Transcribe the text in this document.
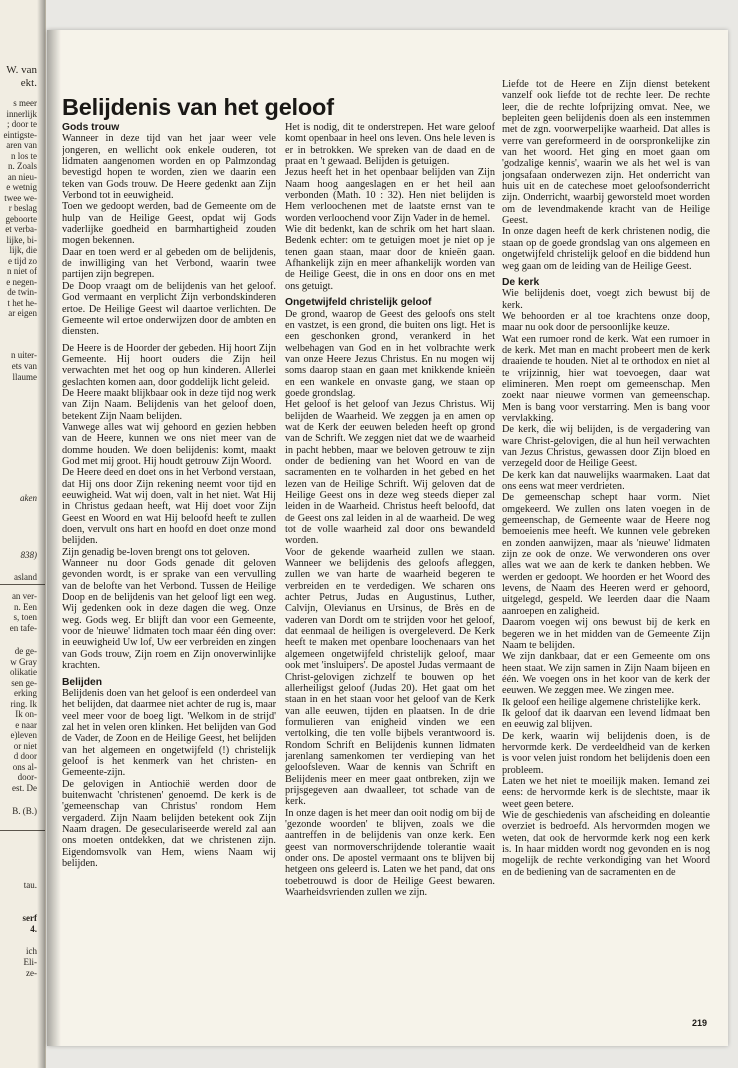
W. van
ekt.
s meer
innerlijk
; door te
eintigste-
aren van
n los te
n. Zoals
an nieu-
e wetnig
twee we-
r beslag
geboorte
et verba-
lijke, bi-
lijk, die
e tijd zo
n niet of
e negen-
de twin-
t het he-
ar eigen
n uiter-
ets van
llaume
aken
838)
asland
an ver-
n. Een
s, toen
en tafe-
de ge-
w Gray
olikatie
sen ge-
erking
ring. Ik
Ik on-
e naar
e)leven
or niet
d door
ons al-
door-
est. De
B. (B.)
tau.
serf
4.
ich
Eli-
ze-
Belijdenis van het geloof
Gods trouw

Wanneer in deze tijd van het jaar weer vele jongeren, en wellicht ook enkele ouderen, tot lidmaten aangenomen worden en op Palmzondag bevestigd hopen te worden, zien we daarin een teken van Gods trouw. De Heere gedenkt aan Zijn Verbond tot in eeuwigheid.

Toen we gedoopt werden, bad de Gemeente om de hulp van de Heilige Geest, opdat wij Gods vaderlijke goedheid en barmhartigheid zouden mogen bekennen.

Daar en toen werd er al gebeden om de belijdenis, de inwilliging van het Verbond, waarin twee partijen zijn begrepen.

De Doop vraagt om de belijdenis van het geloof. God vermaant en verplicht Zijn verbondskinderen ertoe. De Heilige Geest wil daartoe verlichten. De Gemeente wil ertoe onderwijzen door de ambten en diensten.

De Heere is de Hoorder der gebeden. Hij hoort Zijn Gemeente. Hij hoort ouders die Zijn heil verwachten met het oog op hun kinderen. Allerlei geslachten komen aan, door goddelijk licht geleid.

De Heere maakt blijkbaar ook in deze tijd nog werk van Zijn Naam. Belijdenis van het geloof doen, betekent Zijn Naam belijden.

Vanwege alles wat wij gehoord en gezien hebben van de Heere, kunnen we ons niet meer van de domme houden. We doen belijdenis: komt, maakt God met mij groot. Hij houdt getrouw Zijn Woord.

De Heere deed en doet ons in het Verbond verstaan, dat Hij ons door Zijn rekening neemt voor tijd en eeuwigheid. Wat wij doen, valt in het niet. Wat Hij in Christus gedaan heeft, wat Hij doet voor Zijn Geest en Woord en wat Hij beloofd heeft te zullen doen, vervult ons hart en hoofd en doet onze mond belijden.

Zijn genadig be-loven brengt ons tot geloven.

Wanneer nu door Gods genade dit geloven gevonden wordt, is er sprake van een vervulling van de belofte van het Verbond. Tussen de Heilige Doop en de belijdenis van het geloof ligt een weg. Wij gedenken ook in deze dagen die weg. Onze weg. Gods weg. Er blijft dan voor een Gemeente, voor de 'nieuwe' lidmaten toch maar één ding over: in eeuwigheid Uw lof, Uw eer verbreiden en zingen van Gods trouw, Zijn roem en Zijn onoverwinlijke krachten.

Belijden

Belijdenis doen van het geloof is een onderdeel van het belijden, dat daarmee niet achter de rug is, maar veel meer voor de boeg ligt. 'Welkom in de strijd' zal het in velen oren klinken. Het belijden van God de Vader, de Zoon en de Heilige Geest, het belijden van het algemeen en ongetwijfeld (!) christelijk geloof is het kenmerk van het christen- en Gemeente-zijn.

De gelovigen in Antiochië werden door de buitenwacht 'christenen' genoemd. De kerk is de 'gemeenschap van Christus' rondom Hem vergaderd. Zijn Naam belijden betekent ook Zijn Naam dragen. De geseculariseerde wereld zal aan ons moeten ontdekken, dat we christenen zijn. Eigendomsvolk van Hem, wiens Naam wij belijden.

Het is nodig, dit te onderstrepen. Het ware geloof komt openbaar in heel ons leven. Ons hele leven is er in betrokken. We spreken van de daad en de praat en 't gewaad. Belijden is getuigen.

Jezus heeft het in het openbaar belijden van Zijn Naam hoog aangeslagen en er het heil aan verbonden (Math. 10 : 32). Hen niet belijden is Hem verloochenen met de laatste ernst van te worden verloochend voor Zijn Vader in de hemel.

Wie dit bedenkt, kan de schrik om het hart slaan. Bedenk echter: om te getuigen moet je niet op je tenen gaan staan, maar door de knieën gaan. Afhankelijk zijn en meer afhankelijk worden van de Heilige Geest, die in ons en door ons en met ons getuigt.

Ongetwijfeld christelijk geloof

De grond, waarop de Geest des geloofs ons stelt en vastzet, is een grond, die buiten ons ligt. Het is een geschonken grond, verankerd in het welbehagen van God en in het volbrachte werk van onze Heere Jezus Christus. En nu mogen wij soms daarop staan en gaan met knikkende knieën en een wankele en onvaste gang, we staan op goede grondslag.

Het geloof is het geloof van Jezus Christus. Wij belijden de Waarheid. We zeggen ja en amen op wat de Kerk der eeuwen beleden heeft op grond van de Schrift. We zeggen niet dat we de waarheid in pacht hebben, maar we beloven getrouw te zijn onder de bediening van het Woord en van de sacramenten en te volharden in het gebed en het lezen van de Heilige Schrift. Wij geloven dat de Heilige Geest ons in deze weg steeds dieper zal leiden in de Waarheid. Christus heeft beloofd, dat de Geest ons zal leiden in al de waarheid. De weg tot de volle waarheid zal door ons bewandeld worden.

Voor de gekende waarheid zullen we staan. Wanneer we belijdenis des geloofs afleggen, zullen we van harte de waarheid begeren te verbreiden en te verdedigen. We scharen ons achter Petrus, Judas en Augustinus, Luther, Calvijn, Olevianus en Ursinus, de Brès en de vaderen van Dordt om te strijden voor het geloof, dat eenmaal de heiligen is overgeleverd. De Kerk heeft te maken met openbare loochenaars van het algemeen ongetwijfeld christelijk geloof, maar ook met 'insluipers'. De apostel Judas vermaant de Christ-gelovigen zichzelf te bouwen op het allerheiligst geloof (Judas 20). Het gaat om het staan in en het staan voor het geloof van de Kerk van alle eeuwen, tijden en plaatsen. In de drie formulieren van enigheid vinden we een vertolking, die ten volle bijbels verantwoord is. Rondom Schrift en Belijdenis kunnen lidmaten jarenlang samenkomen ter verdieping van het geloofsleven. Waar de kennis van Schrift en Belijdenis meer en meer gaat ontbreken, zijn we prijsgegeven aan dwaalleer, tot schade van de kerk.

In onze dagen is het meer dan ooit nodig om bij de 'gezonde woorden' te blijven, zoals we die aantreffen in de belijdenis van onze kerk. Een geest van normoverschrijdende tolerantie waait onder ons. De apostel vermaant ons te blijven bij hetgeen ons geleerd is. Laten we het pand, dat ons toebetrouwd is door de Heilige Geest bewaren. Waarheidsvrienden zullen we zijn.

Liefde tot de Heere en Zijn dienst betekent vanzelf ook liefde tot de rechte leer. De rechte leer, die de rechte lofprijzing omvat. Nee, we bepleiten geen belijdenis doen als een instemmen met de zgn. voorwerpelijke waarheid. Dat alles is verre van gereformeerd in de oorspronkelijke zin van het woord. Het ging en moet gaan om 'godzalige kennis', waarin we als het wel is van jongsafaan onderwezen zijn. Het onderricht van huis uit en de catechese moet geloofsonderricht zijn. Onderricht, waarbij geworsteld moet worden om de levendmakende kracht van de Heilige Geest.

In onze dagen heeft de kerk christenen nodig, die staan op de goede grondslag van ons algemeen en ongetwijfeld christelijk geloof en die biddend hun weg gaan om de leiding van de Heilige Geest.

De kerk

Wie belijdenis doet, voegt zich bewust bij de kerk.

We behoorden er al toe krachtens onze doop, maar nu ook door de persoonlijke keuze.

Wat een rumoer rond de kerk. Wat een rumoer in de kerk. Met man en macht probeert men de kerk draaiende te houden. Niet al te orthodox en niet al te vrijzinnig, hier wat toevoegen, daar wat elimineren. Men roept om gemeenschap. Men zoekt naar nieuwe vormen van gemeenschap. Men is bang voor verstarring. Men is bang voor vervlakking.

De kerk, die wij belijden, is de vergadering van ware Christ-gelovigen, die al hun heil verwachten van Jezus Christus, gewassen door Zijn bloed en verzegeld door de Heilige Geest.

De kerk kan dat nauwelijks waarmaken. Laat dat ons eens wat meer verdrieten.

De gemeenschap schept haar vorm. Niet omgekeerd. We zullen ons laten voegen in de gemeenschap, de Gemeente waar de Heere nog bemoeienis mee heeft. We kunnen vele gebreken en zonden aanwijzen, maar als 'nieuwe' lidmaten zijn ze ook de onze. We verwonderen ons over alles wat we aan de kerk te danken hebben. We werden er gedoopt. We hoorden er het Woord des levens, de Naam des Heeren werd er gehoord, uitgelegd, gespeld. We leerden daar die Naam aanroepen en zaligheid.

Daarom voegen wij ons bewust bij de kerk en begeren we in het midden van de Gemeente Zijn Naam te belijden.

We zijn dankbaar, dat er een Gemeente om ons heen staat. We zijn samen in Zijn Naam bijeen en één. We voegen ons in het koor van de kerk der eeuwen. We zeggen mee. We zingen mee.

Ik geloof een heilige algemene christelijke kerk.

Ik geloof dat ik daarvan een levend lidmaat ben en eeuwig zal blijven.

De kerk, waarin wij belijdenis doen, is de hervormde kerk. De verdeeldheid van de kerken is voor velen juist rondom het belijdenis doen een probleem.

Laten we het niet te moeilijk maken. Iemand zei eens: de hervormde kerk is de slechtste, maar ik weet geen betere.

Wie de geschiedenis van afscheiding en doleantie overziet is bedroefd. Als hervormden mogen we weten, dat ook de hervormde kerk nog een kerk is. In haar midden wordt nog gevonden en is nog mogelijk de rechte verkondiging van het Woord en de bediening van de sacramenten en de

219
